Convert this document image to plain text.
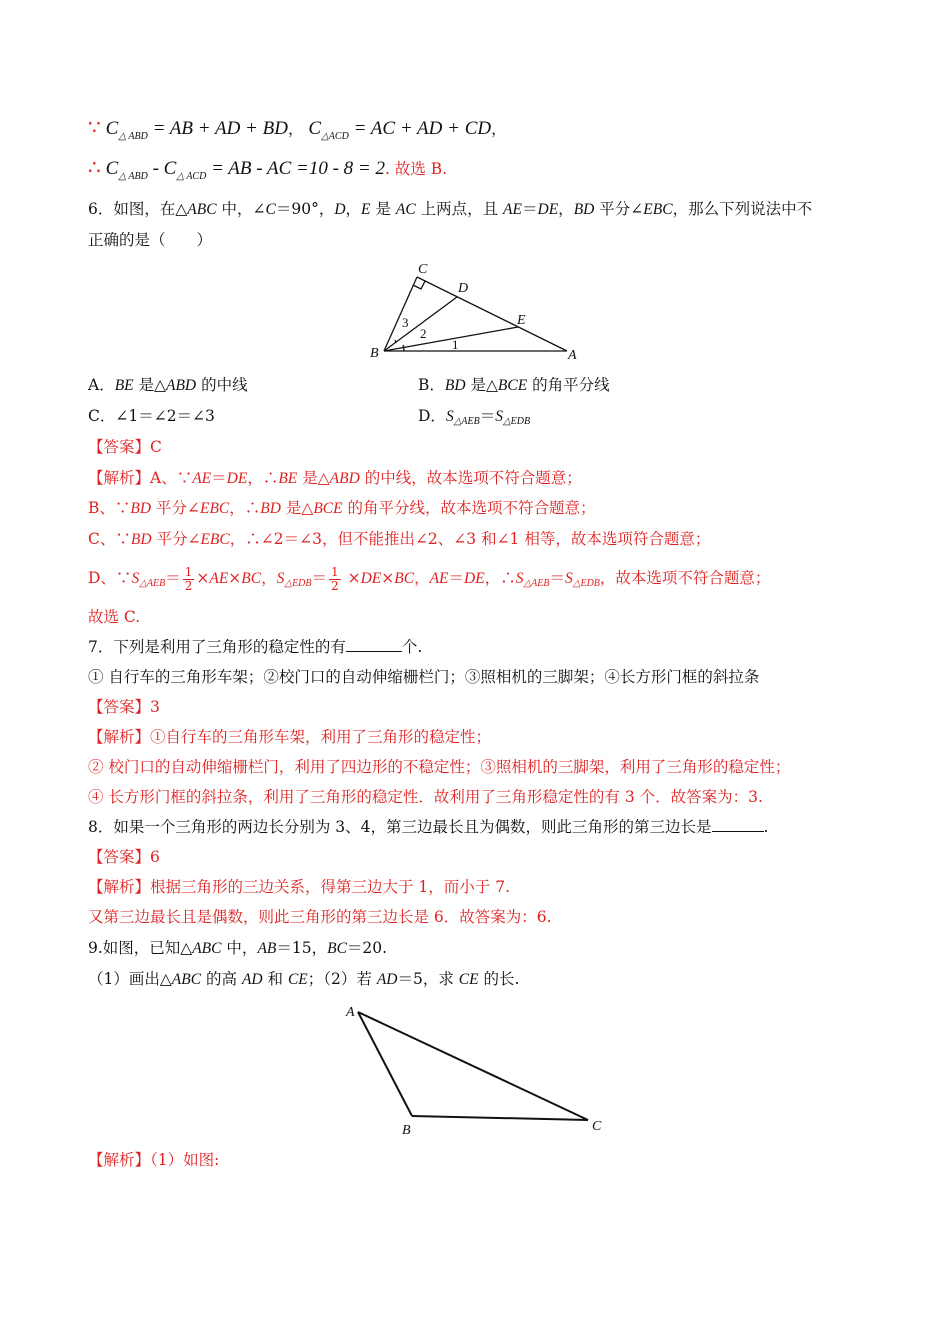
∵ $C_{\triangle ABD}$ = AB + AD + BD， $C_{\triangle ACD}$ = AC + AD + CD，
∴ $C_{\triangle ABD} - C_{\triangle ACD}$ = AB - AC =10 - 8 = 2. 故选 B.
6．如图，在△ABC 中，∠C＝90°，D，E 是 AC 上两点，且 AE＝DE，BD 平分∠EBC，那么下列说法中不
正确的是（　　）
C
D
E
B	A
3
2
1
A．BE 是△ABD 的中线	B．BD 是△BCE 的角平分线
C．∠1＝∠2＝∠3	D．S△AEB＝S△EDB
【答案】C
【解析】A、∵AE＝DE，∴BE 是△ABD 的中线，故本选项不符合题意；
B、∵BD 平分∠EBC，∴BD 是△BCE 的角平分线，故本选项不符合题意；
C、∵BD 平分∠EBC，∴∠2＝∠3，但不能推出∠2、∠3 和∠1 相等，故本选项符合题意；
D、∵S△AEB＝ $\frac{1}{2} \times AE\times BC$，S△EDB＝ $\frac{1}{2} \times DE\times BC$，AE＝DE，∴S△AEB＝S△EDB，故本选项不符合题意；
故选 C.
7．下列是利用了三角形的稳定性的有	个.
① 自行车的三角形车架；②校门口的自动伸缩栅栏门；③照相机的三脚架；④长方形门框的斜拉条
【答案】3
【解析】①自行车的三角形车架，利用了三角形的稳定性；
② 校门口的自动伸缩栅栏门，利用了四边形的不稳定性；③照相机的三脚架，利用了三角形的稳定性；
④ 长方形门框的斜拉条，利用了三角形的稳定性．故利用了三角形稳定性的有 3 个．故答案为：3.
8．如果一个三角形的两边长分别为 3、4，第三边最长且为偶数，则此三角形的第三边长是	.
【答案】6
【解析】根据三角形的三边关系，得第三边大于 1，而小于 7.
又第三边最长且是偶数，则此三角形的第三边长是 6．故答案为：6.
9.如图，已知△ABC 中，AB＝15，BC＝20.
（1）画出△ABC 的高 AD 和 CE；（2）若 AD＝5，求 CE 的长.
A
B	C
【解析】（1）如图:
